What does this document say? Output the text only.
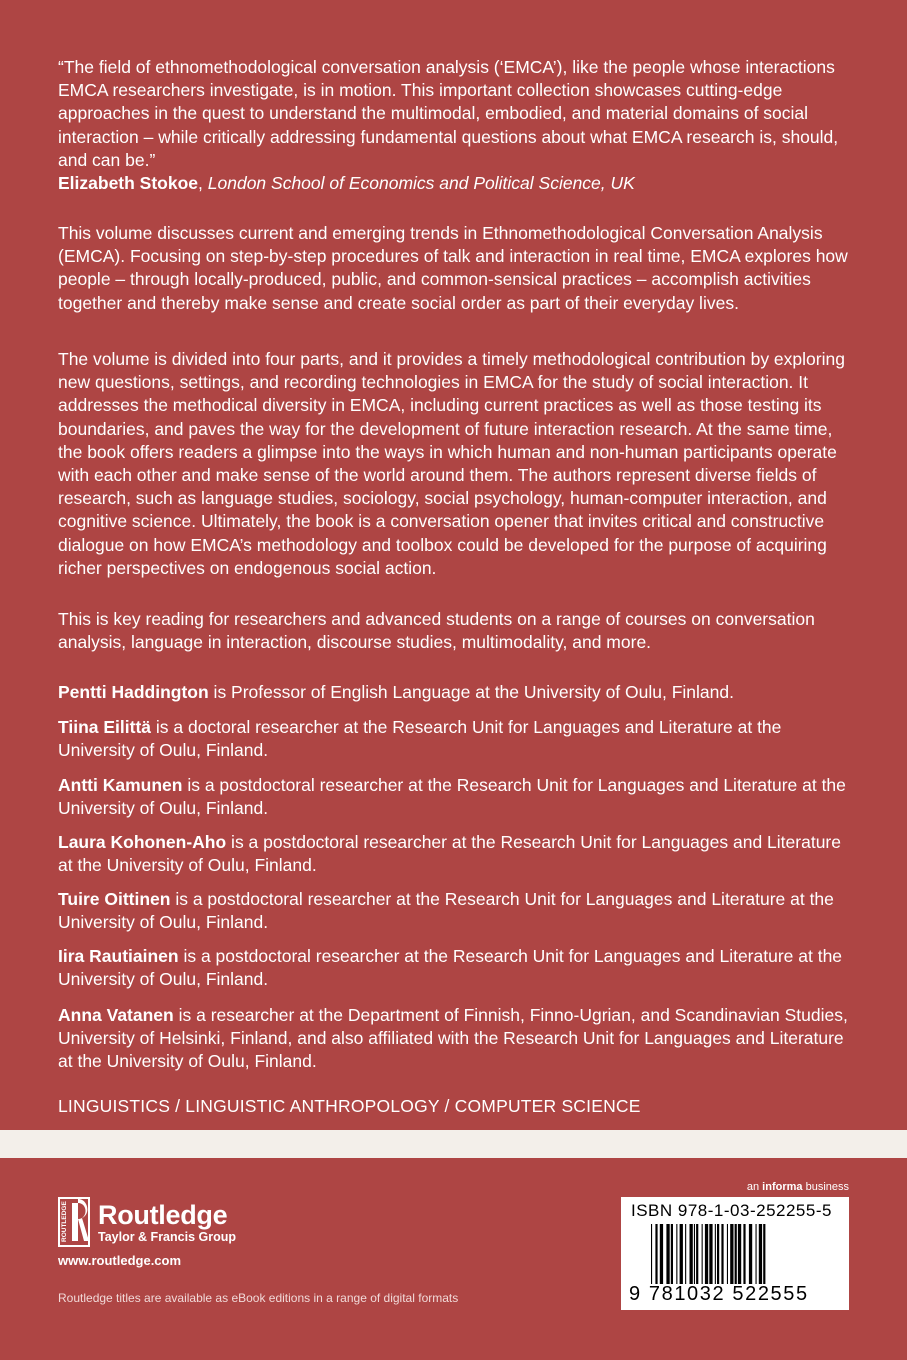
“The field of ethnomethodological conversation analysis (‘EMCA’), like the people whose interactions EMCA researchers investigate, is in motion. This important collection showcases cutting-edge approaches in the quest to understand the multimodal, embodied, and material domains of social interaction – while critically addressing fundamental questions about what EMCA research is, should, and can be.”
Elizabeth Stokoe, London School of Economics and Political Science, UK
This volume discusses current and emerging trends in Ethnomethodological Conversation Analysis (EMCA). Focusing on step-by-step procedures of talk and interaction in real time, EMCA explores how people – through locally-produced, public, and common-sensical practices – accomplish activities together and thereby make sense and create social order as part of their everyday lives.
The volume is divided into four parts, and it provides a timely methodological contribution by exploring new questions, settings, and recording technologies in EMCA for the study of social interaction. It addresses the methodical diversity in EMCA, including current practices as well as those testing its boundaries, and paves the way for the development of future interaction research. At the same time, the book offers readers a glimpse into the ways in which human and non-human participants operate with each other and make sense of the world around them. The authors represent diverse fields of research, such as language studies, sociology, social psychology, human-computer interaction, and cognitive science. Ultimately, the book is a conversation opener that invites critical and constructive dialogue on how EMCA’s methodology and toolbox could be developed for the purpose of acquiring richer perspectives on endogenous social action.
This is key reading for researchers and advanced students on a range of courses on conversation analysis, language in interaction, discourse studies, multimodality, and more.
Pentti Haddington is Professor of English Language at the University of Oulu, Finland.
Tiina Eilittä is a doctoral researcher at the Research Unit for Languages and Literature at the University of Oulu, Finland.
Antti Kamunen is a postdoctoral researcher at the Research Unit for Languages and Literature at the University of Oulu, Finland.
Laura Kohonen-Aho is a postdoctoral researcher at the Research Unit for Languages and Literature at the University of Oulu, Finland.
Tuire Oittinen is a postdoctoral researcher at the Research Unit for Languages and Literature at the University of Oulu, Finland.
Iira Rautiainen is a postdoctoral researcher at the Research Unit for Languages and Literature at the University of Oulu, Finland.
Anna Vatanen is a researcher at the Department of Finnish, Finno-Ugrian, and Scandinavian Studies, University of Helsinki, Finland, and also affiliated with the Research Unit for Languages and Literature at the University of Oulu, Finland.
LINGUISTICS / LINGUISTIC ANTHROPOLOGY / COMPUTER SCIENCE
ROUTLEDGE Routledge
Taylor & Francis Group
www.routledge.com
Routledge titles are available as eBook editions in a range of digital formats
an informa business
ISBN 978-1-03-252255-5
9 781032 522555
